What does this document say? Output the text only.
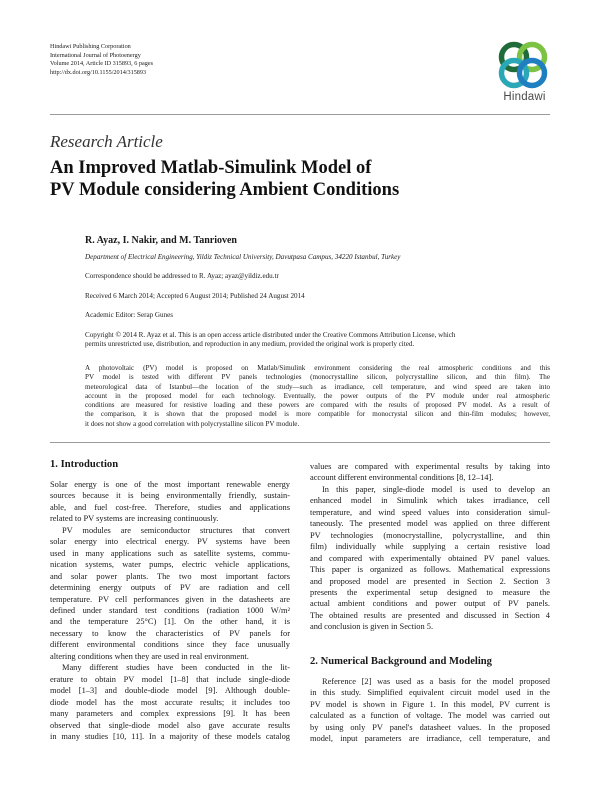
Hindawi Publishing Corporation
International Journal of Photoenergy
Volume 2014, Article ID 315893, 6 pages
http://dx.doi.org/10.1155/2014/315893
Hindawi
Research Article
An Improved Matlab-Simulink Model of
PV Module considering Ambient Conditions
R. Ayaz, I. Nakir, and M. Tanrioven
Department of Electrical Engineering, Yildiz Technical University, Davutpasa Campus, 34220 Istanbul, Turkey
Correspondence should be addressed to R. Ayaz; ayaz@yildiz.edu.tr
Received 6 March 2014; Accepted 6 August 2014; Published 24 August 2014
Academic Editor: Serap Gunes
Copyright © 2014 R. Ayaz et al. This is an open access article distributed under the Creative Commons Attribution License, which
permits unrestricted use, distribution, and reproduction in any medium, provided the original work is properly cited.
A photovoltaic (PV) model is proposed on Matlab/Simulink environment considering the real atmospheric conditions and this
PV model is tested with different PV panels technologies (monocrystalline silicon, polycrystalline silicon, and thin film). The
meteorological data of Istanbul—the location of the study—such as irradiance, cell temperature, and wind speed are taken into
account in the proposed model for each technology. Eventually, the power outputs of the PV module under real atmospheric
conditions are measured for resistive loading and these powers are compared with the results of proposed PV model. As a result of
the comparison, it is shown that the proposed model is more compatible for monocrystal silicon and thin-film modules; however,
it does not show a good correlation with polycrystalline silicon PV module.
1. Introduction
Solar energy is one of the most important renewable energy
sources because it is being environmentally friendly, sustain-
able, and fuel cost-free. Therefore, studies and applications
related to PV systems are increasing continuously.
PV modules are semiconductor structures that convert
solar energy into electrical energy. PV systems have been
used in many applications such as satellite systems, commu-
nication systems, water pumps, electric vehicle applications,
and solar power plants. The two most important factors
determining energy outputs of PV are radiation and cell
temperature. PV cell performances given in the datasheets are
defined under standard test conditions (radiation 1000 W/m²
and the temperature 25°C) [1]. On the other hand, it is
necessary to know the characteristics of PV panels for
different environmental conditions since they face unusually
altering conditions when they are used in real environment.
Many different studies have been conducted in the lit-
erature to obtain PV model [1–8] that include single-diode
model [1–3] and double-diode model [9]. Although double-
diode model has the most accurate results; it includes too
many parameters and complex expressions [9]. It has been
observed that single-diode model also gave accurate results
in many studies [10, 11]. In a majority of these models catalog
values are compared with experimental results by taking into
account different environmental conditions [8, 12–14].
In this paper, single-diode model is used to develop an
enhanced model in Simulink which takes irradiance, cell
temperature, and wind speed values into consideration simul-
taneously. The presented model was applied on three different
PV technologies (monocrystalline, polycrystalline, and thin
film) individually while supplying a certain resistive load
and compared with experimentally obtained PV panel values.
This paper is organized as follows. Mathematical expressions
and proposed model are presented in Section 2. Section 3
presents the experimental setup designed to measure the
actual ambient conditions and power output of PV panels.
The obtained results are presented and discussed in Section 4
and conclusion is given in Section 5.
2. Numerical Background and Modeling
Reference [2] was used as a basis for the model proposed
in this study. Simplified equivalent circuit model used in the
PV model is shown in Figure 1. In this model, PV current is
calculated as a function of voltage. The model was carried out
by using only PV panel's datasheet values. In the proposed
model, input parameters are irradiance, cell temperature, and
